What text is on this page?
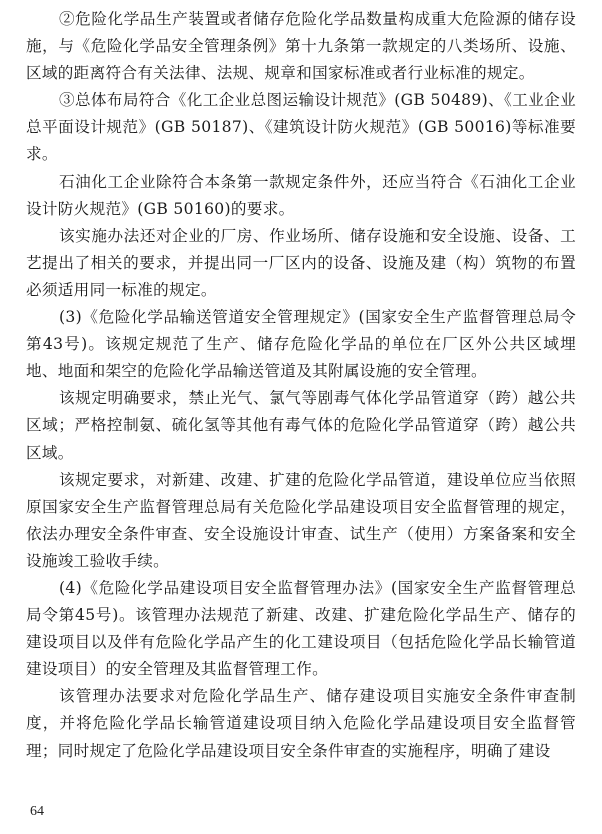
②危险化学品生产装置或者储存危险化学品数量构成重大危险源的储存设施，与《危险化学品安全管理条例》第十九条第一款规定的八类场所、设施、区域的距离符合有关法律、法规、规章和国家标准或者行业标准的规定。

③总体布局符合《化工企业总图运输设计规范》(GB 50489)、《工业企业总平面设计规范》(GB 50187)、《建筑设计防火规范》(GB 50016)等标准要求。

石油化工企业除符合本条第一款规定条件外，还应当符合《石油化工企业设计防火规范》(GB 50160)的要求。

该实施办法还对企业的厂房、作业场所、储存设施和安全设施、设备、工艺提出了相关的要求，并提出同一厂区内的设备、设施及建（构）筑物的布置必须适用同一标准的规定。

(3)《危险化学品输送管道安全管理规定》(国家安全生产监督管理总局令第43号)。该规定规范了生产、储存危险化学品的单位在厂区外公共区域埋地、地面和架空的危险化学品输送管道及其附属设施的安全管理。

该规定明确要求，禁止光气、氯气等剧毒气体化学品管道穿（跨）越公共区域；严格控制氨、硫化氢等其他有毒气体的危险化学品管道穿（跨）越公共区域。

该规定要求，对新建、改建、扩建的危险化学品管道，建设单位应当依照原国家安全生产监督管理总局有关危险化学品建设项目安全监督管理的规定，依法办理安全条件审查、安全设施设计审查、试生产（使用）方案备案和安全设施竣工验收手续。

(4)《危险化学品建设项目安全监督管理办法》(国家安全生产监督管理总局令第45号)。该管理办法规范了新建、改建、扩建危险化学品生产、储存的建设项目以及伴有危险化学品产生的化工建设项目（包括危险化学品长输管道建设项目）的安全管理及其监督管理工作。

该管理办法要求对危险化学品生产、储存建设项目实施安全条件审查制度，并将危险化学品长输管道建设项目纳入危险化学品建设项目安全监督管理；同时规定了危险化学品建设项目安全条件审查的实施程序，明确了建设

64
